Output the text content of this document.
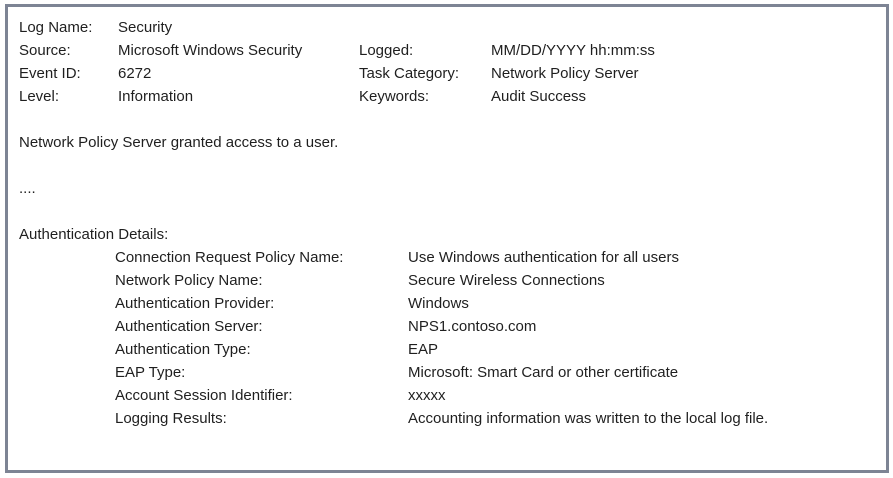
Log Name:	Security
Source:	Microsoft Windows Security	Logged:	MM/DD/YYYY hh:mm:ss
Event ID:	6272	Task Category:	Network Policy Server
Level:	Information	Keywords:	Audit Success
Network Policy Server granted access to a user.
....
Authentication Details:
Connection Request Policy Name:	Use Windows authentication for all users
Network Policy Name:	Secure Wireless Connections
Authentication Provider:	Windows
Authentication Server:	NPS1.contoso.com
Authentication Type:	EAP
EAP Type:	Microsoft: Smart Card or other certificate
Account Session Identifier:	xxxxx
Logging Results:	Accounting information was written to the local log file.
